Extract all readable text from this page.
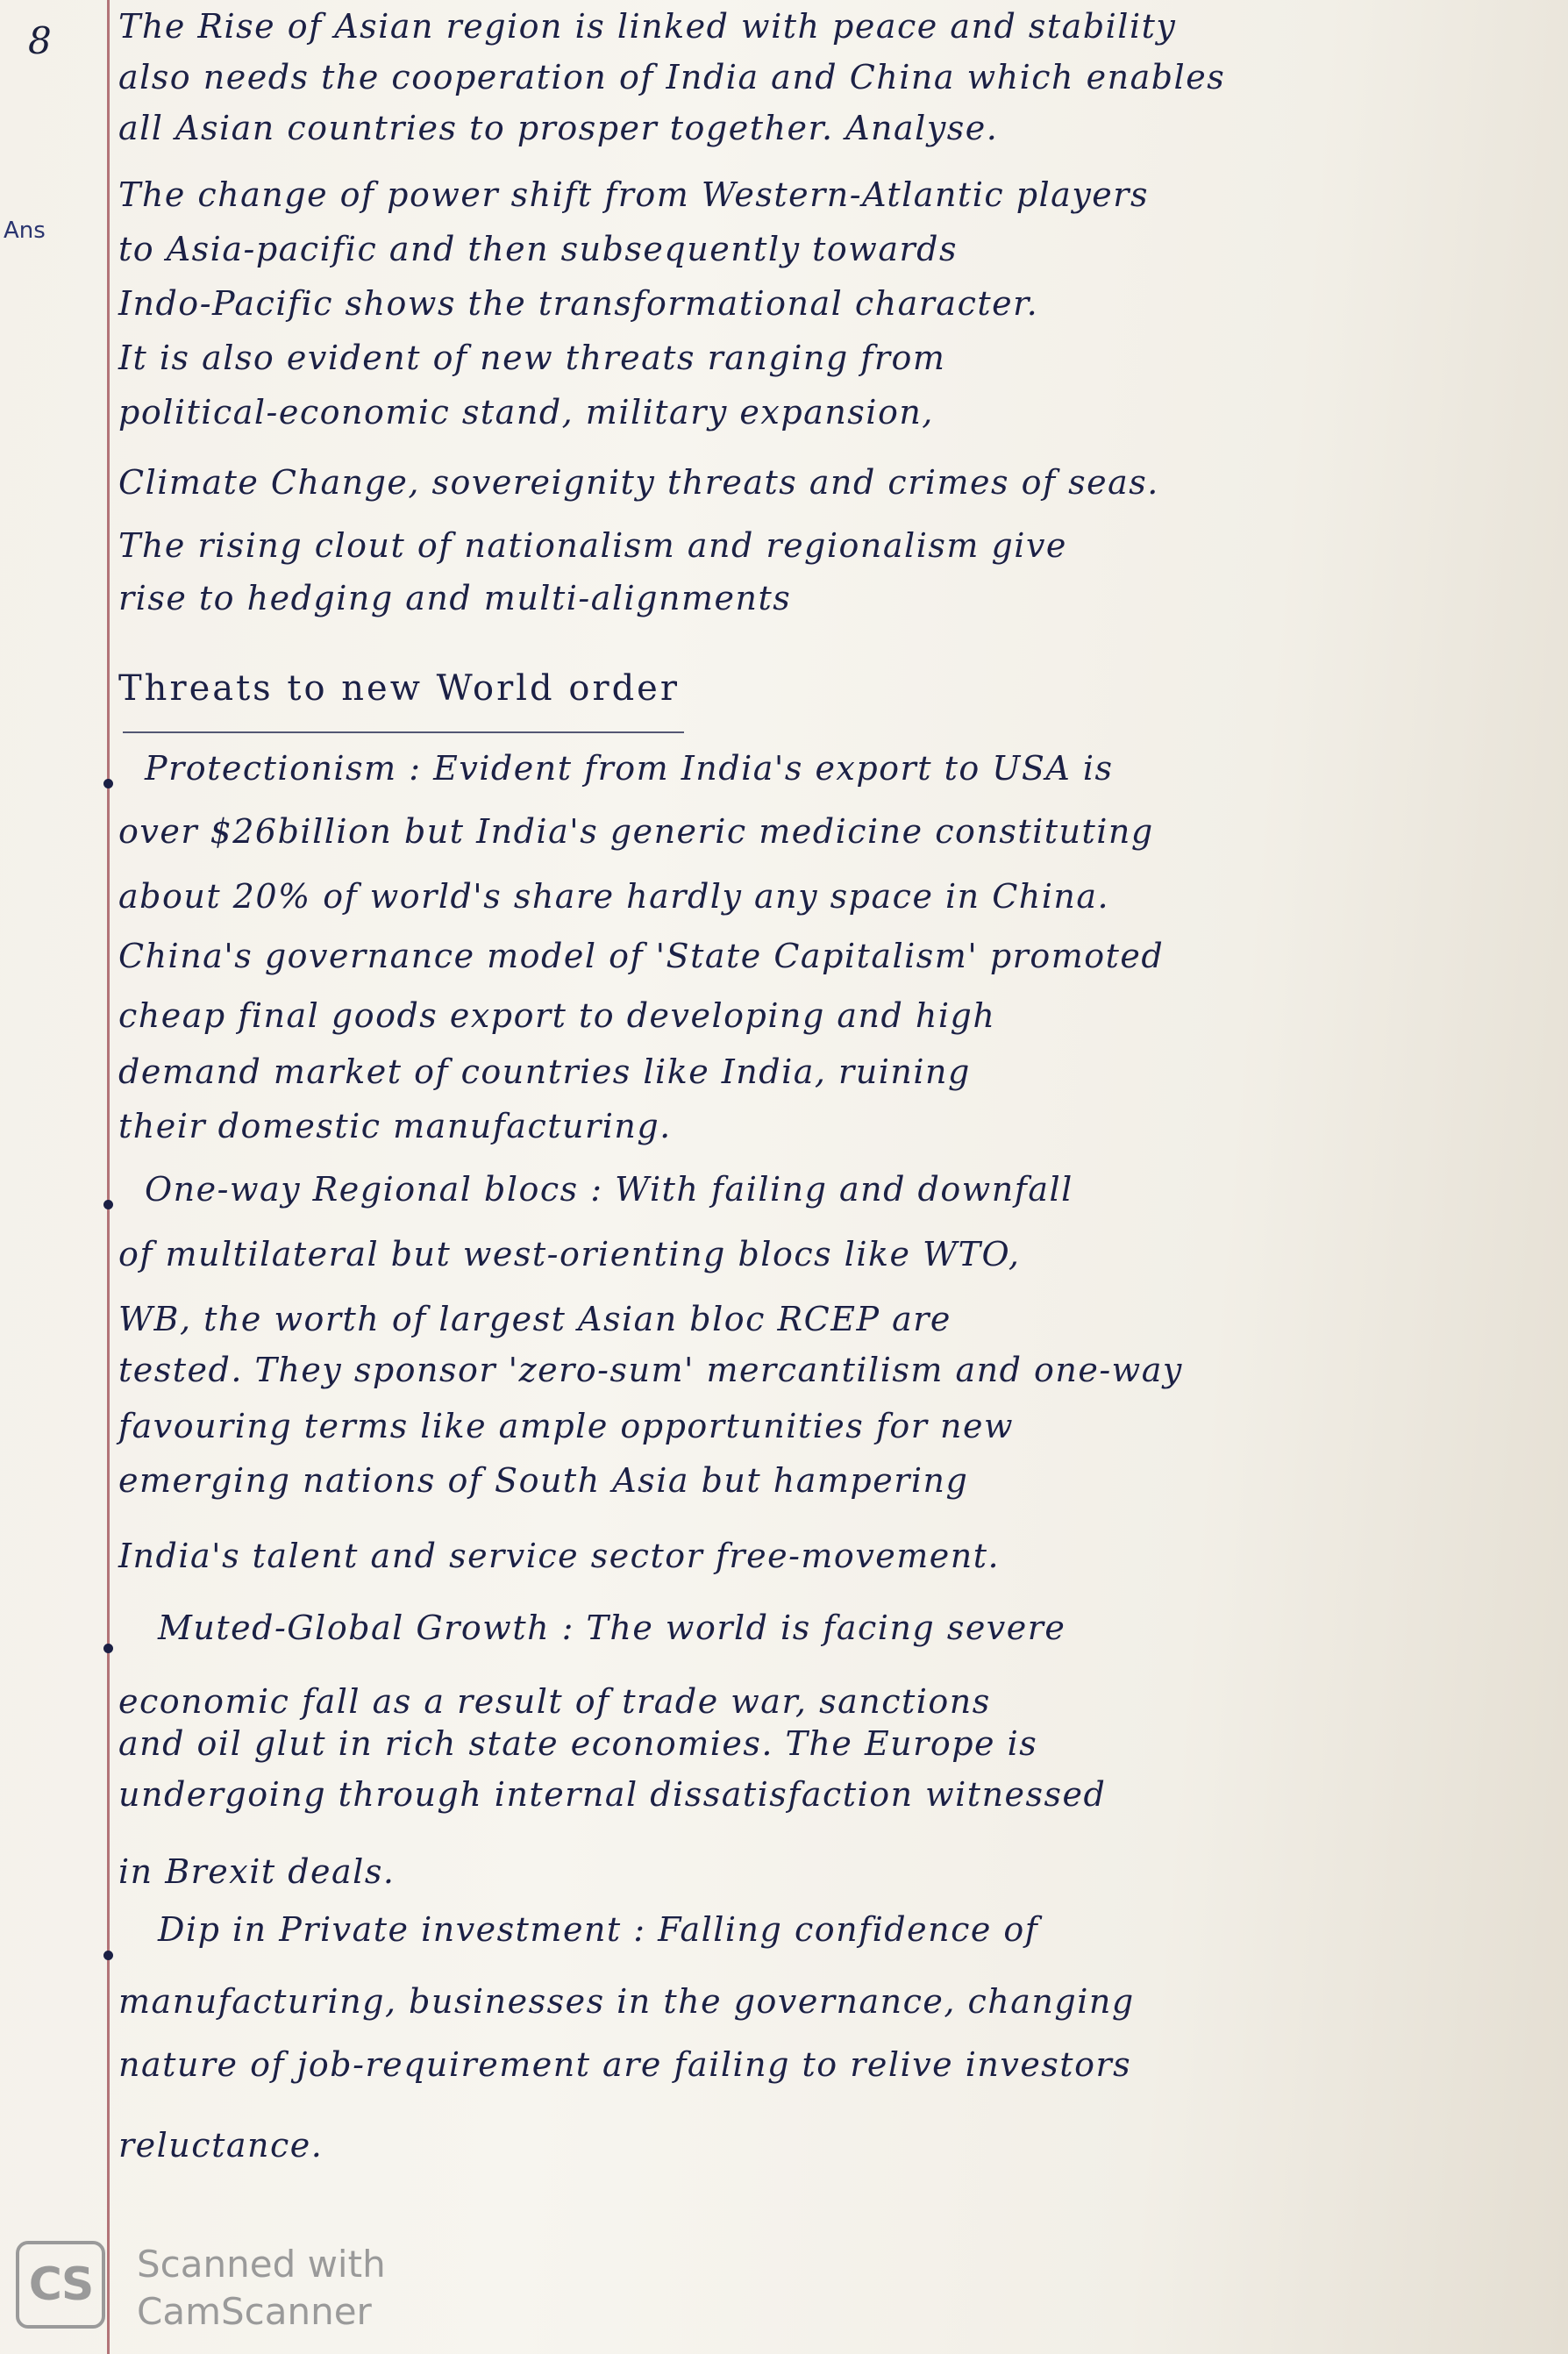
8 The Rise of Asian region is linked with peace and stability
also needs the cooperation of India and China which enables
all Asian countries to prosper together. Analyse.
Ans
The change of power shift from Western-Atlantic players
to Asia-pacific and then subsequently towards
Indo-Pacific shows the transformational character.
It is also evident of new threats ranging from
political-economic stand, military expansion,
Climate Change, sovereignity threats and crimes of seas.
The rising clout of nationalism and regionalism give
rise to hedging and multi-alignments
Threats to new World order
Protectionism : Evident from India's export to USA is
over $26billion but India's generic medicine constituting
about 20% of world's share hardly any space in China.
China's governance model of 'State Capitalism' promoted
cheap final goods export to developing and high
demand market of countries like India, ruining
their domestic manufacturing.
One-way Regional blocs : With failing and downfall
of multilateral but west-orienting blocs like WTO,
WB, the worth of largest Asian bloc RCEP are
tested. They sponsor 'zero-sum' mercantilism and one-way
favouring terms like ample opportunities for new
emerging nations of South Asia but hampering
India's talent and service sector free-movement.
Muted-Global Growth : The world is facing severe
economic fall as a result of trade war, sanctions
and oil glut in rich state economies. The Europe is
undergoing through internal dissatisfaction witnessed
in Brexit deals.
Dip in Private investment : Falling confidence of
manufacturing, businesses in the governance, changing
nature of job-requirement are failing to relive investors
reluctance.
CS	Scanned with
CamScanner
